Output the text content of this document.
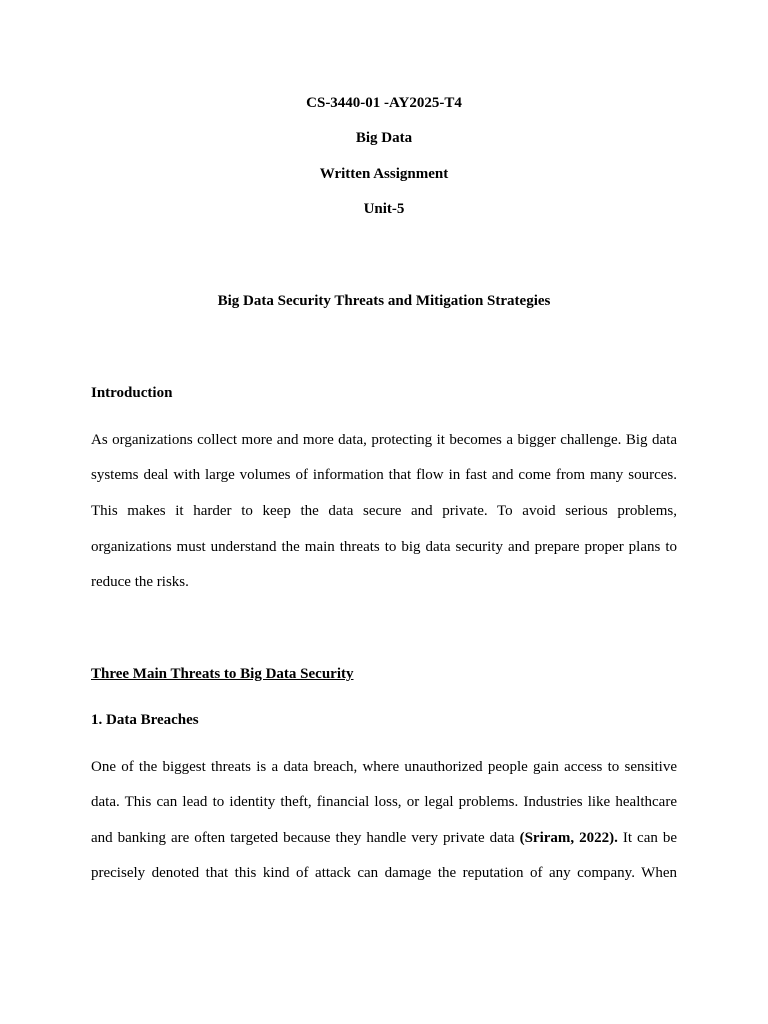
CS-3440-01 -AY2025-T4
Big Data
Written Assignment
Unit-5
Big Data Security Threats and Mitigation Strategies
Introduction
As organizations collect more and more data, protecting it becomes a bigger challenge. Big data
systems deal with large volumes of information that flow in fast and come from many sources.
This makes it harder to keep the data secure and private. To avoid serious problems,
organizations must understand the main threats to big data security and prepare proper plans to
reduce the risks.
Three Main Threats to Big Data Security
1. Data Breaches
One of the biggest threats is a data breach, where unauthorized people gain access to sensitive
data. This can lead to identity theft, financial loss, or legal problems. Industries like healthcare
and banking are often targeted because they handle very private data (Sriram, 2022). It can be
precisely denoted that this kind of attack can damage the reputation of any company. When
